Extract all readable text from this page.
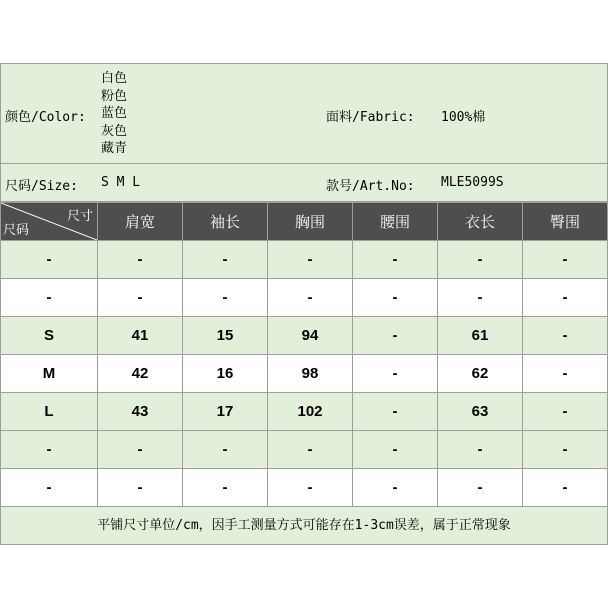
颜色/Color:
白色
粉色
蓝色
灰色
藏青
面料/Fabric: 100%棉
尺码/Size: S M L	款号/Art.No: MLE5099S
尺寸
尺码	肩宽	袖长	胸围	腰围	衣长	臀围
-	-	-	-	-	-	-
-	-	-	-	-	-	-
S	41	15	94	-	61	-
M	42	16	98	-	62	-
L	43	17	102	-	63	-
-	-	-	-	-	-	-
-	-	-	-	-	-	-
平铺尺寸单位/cm，因手工测量方式可能存在1-3cm误差，属于正常现象
